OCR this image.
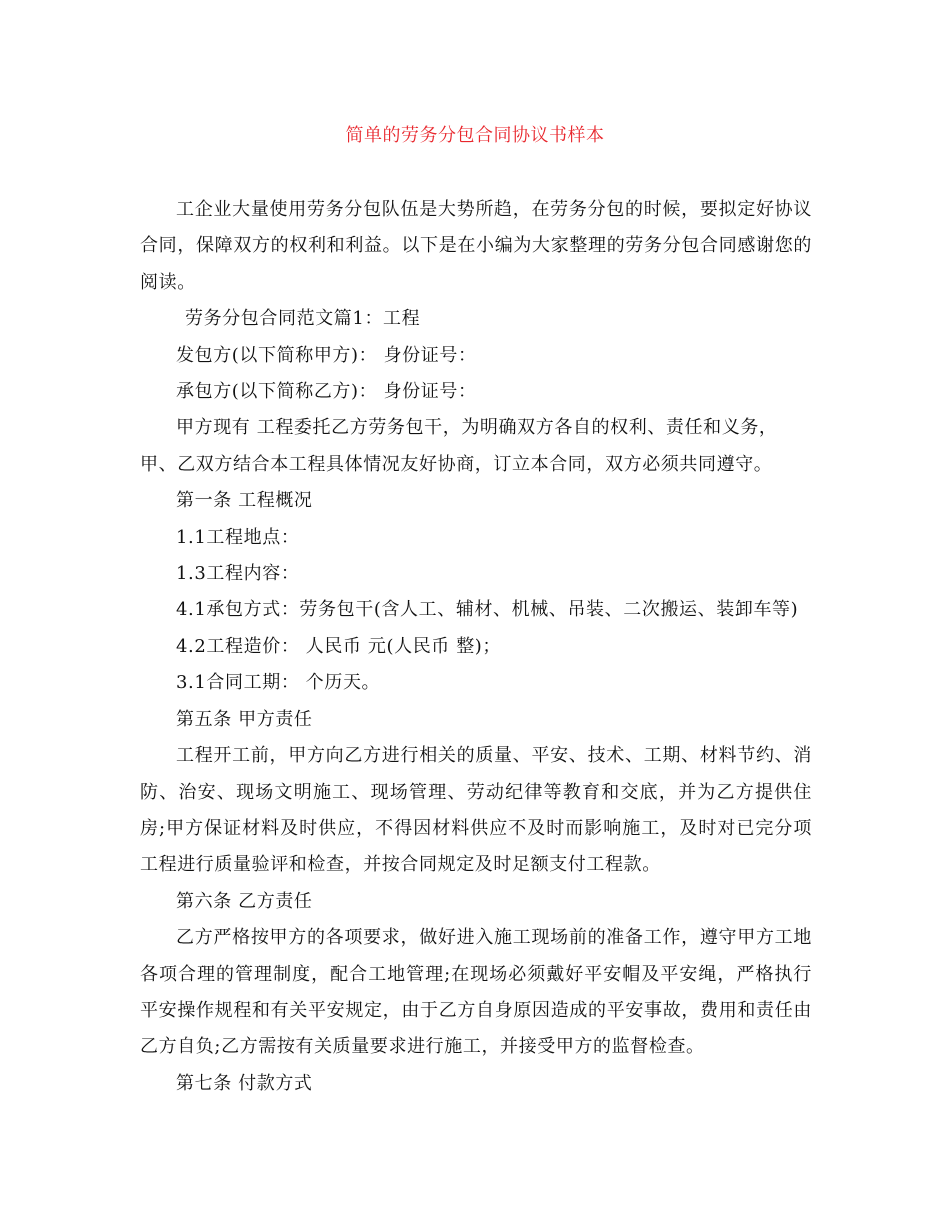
简单的劳务分包合同协议书样本

工企业大量使用劳务分包队伍是大势所趋，在劳务分包的时候，要拟定好协议合同，保障双方的权利和利益。以下是在小编为大家整理的劳务分包合同感谢您的阅读。

劳务分包合同范文篇1：工程

发包方(以下简称甲方)： 身份证号：

承包方(以下简称乙方)： 身份证号：

甲方现有 工程委托乙方劳务包干，为明确双方各自的权利、责任和义务，

甲、乙双方结合本工程具体情况友好协商，订立本合同，双方必须共同遵守。

第一条 工程概况

1.1工程地点：

1.3工程内容：

4.1承包方式：劳务包干(含人工、辅材、机械、吊装、二次搬运、装卸车等)

4.2工程造价： 人民币 元(人民币 整)；

3.1合同工期： 个历天。

第五条 甲方责任

工程开工前，甲方向乙方进行相关的质量、平安、技术、工期、材料节约、消防、治安、现场文明施工、现场管理、劳动纪律等教育和交底，并为乙方提供住房;甲方保证材料及时供应，不得因材料供应不及时而影响施工，及时对已完分项工程进行质量验评和检查，并按合同规定及时足额支付工程款。

第六条 乙方责任

乙方严格按甲方的各项要求，做好进入施工现场前的准备工作，遵守甲方工地各项合理的管理制度，配合工地管理;在现场必须戴好平安帽及平安绳，严格执行平安操作规程和有关平安规定，由于乙方自身原因造成的平安事故，费用和责任由乙方自负;乙方需按有关质量要求进行施工，并接受甲方的监督检查。

第七条 付款方式
